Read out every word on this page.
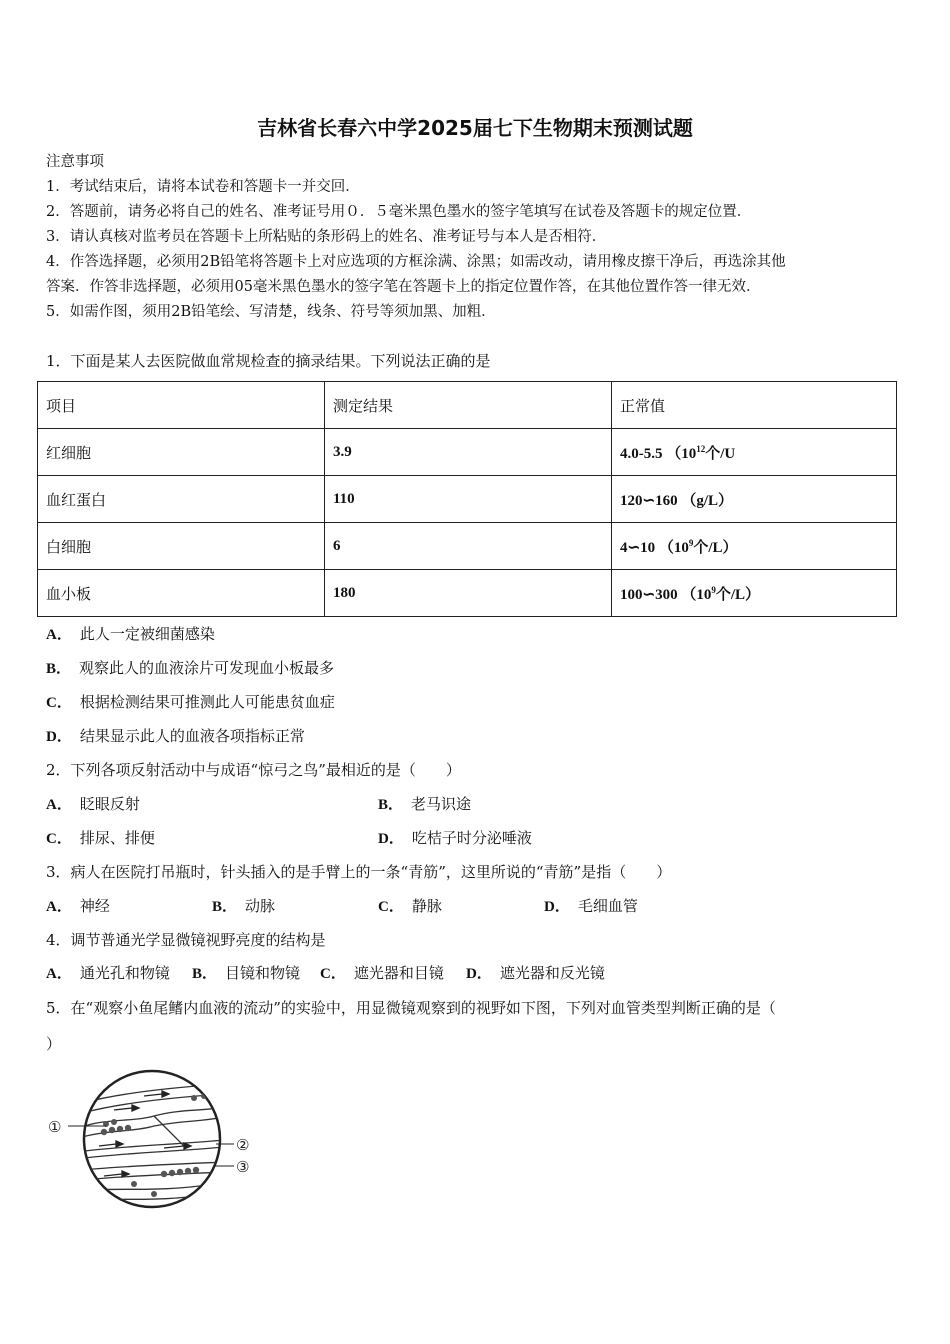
吉林省长春六中学2025届七下生物期末预测试题
注意事项
1．考试结束后，请将本试卷和答题卡一并交回．
2．答题前，请务必将自己的姓名、准考证号用０．５毫米黑色墨水的签字笔填写在试卷及答题卡的规定位置．
3．请认真核对监考员在答题卡上所粘贴的条形码上的姓名、准考证号与本人是否相符．
4．作答选择题，必须用2B铅笔将答题卡上对应选项的方框涂满、涂黑；如需改动，请用橡皮擦干净后，再选涂其他
答案．作答非选择题，必须用05毫米黑色墨水的签字笔在答题卡上的指定位置作答，在其他位置作答一律无效．
5．如需作图，须用2B铅笔绘、写清楚，线条、符号等须加黑、加粗．
1．下面是某人去医院做血常规检查的摘录结果。下列说法正确的是
项目	测定结果	正常值
红细胞	3.9	4.0-5.5 （$10^{12}$个/U
血红蛋白	110	120∽160 （g/L）
白细胞	6	4∽10 （$10^9$个/L）
血小板	180	100∽300 （$10^9$个/L）
A． 此人一定被细菌感染
B． 观察此人的血液涂片可发现血小板最多
C． 根据检测结果可推测此人可能患贫血症
D． 结果显示此人的血液各项指标正常
2．下列各项反射活动中与成语“惊弓之鸟”最相近的是（　　）
A． 眨眼反射	B． 老马识途
C． 排尿、排便	D． 吃桔子时分泌唾液
3．病人在医院打吊瓶时，针头插入的是手臂上的一条“青筋”，这里所说的“青筋”是指（　　）
A． 神经	B． 动脉	C． 静脉	D． 毛细血管
4．调节普通光学显微镜视野亮度的结构是
A． 通光孔和物镜 B． 目镜和物镜 C． 遮光器和目镜 D． 遮光器和反光镜
5．在“观察小鱼尾鳍内血液的流动”的实验中，用显微镜观察到的视野如下图，下列对血管类型判断正确的是（
）
①
②
③
